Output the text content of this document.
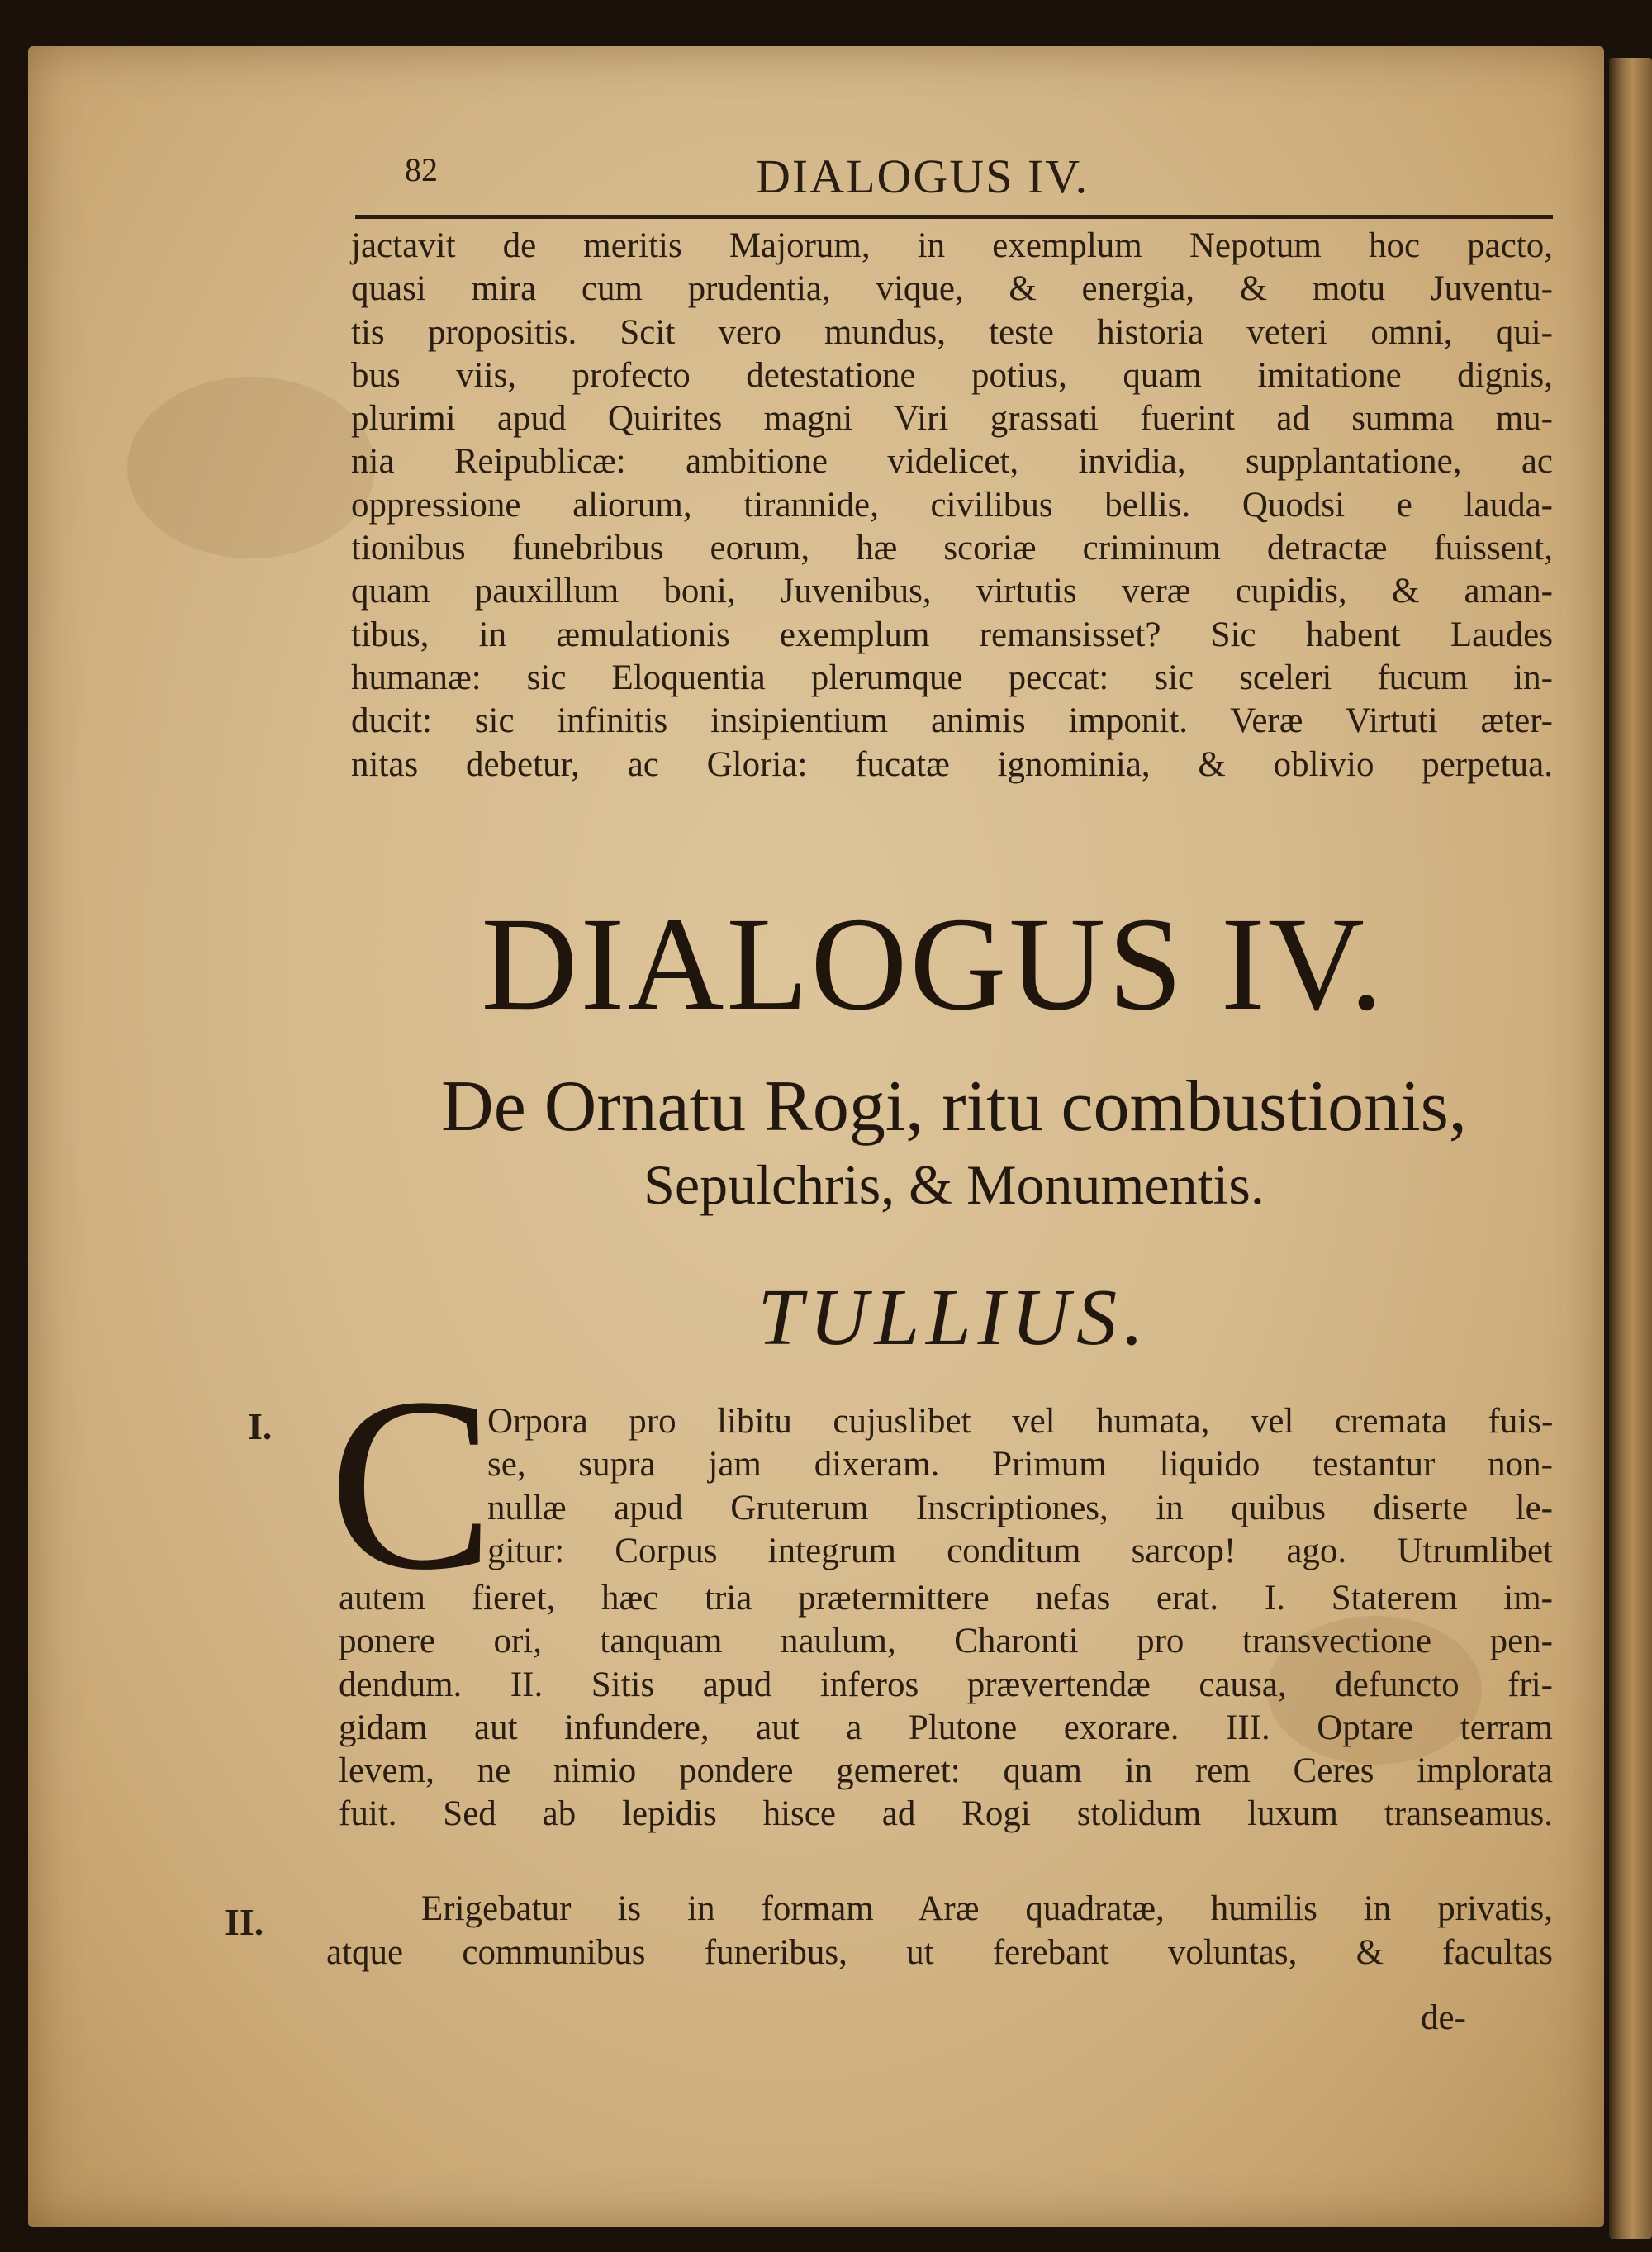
82	DIALOGUS IV.
jactavit de meritis Majorum, in exemplum Nepotum hoc pacto,
quasi mira cum prudentia, vique, & energia, & motu Juventu-
tis propositis. Scit vero mundus, teste historia veteri omni, qui-
bus viis, profecto detestatione potius, quam imitatione dignis,
plurimi apud Quirites magni Viri grassati fuerint ad summa mu-
nia Reipublicæ: ambitione videlicet, invidia, supplantatione, ac
oppressione aliorum, tirannide, civilibus bellis. Quodsi e lauda-
tionibus funebribus eorum, hæ scoriæ criminum detractæ fuissent,
quam pauxillum boni, Juvenibus, virtutis veræ cupidis, & aman-
tibus, in æmulationis exemplum remansisset? Sic habent Laudes
humanæ: sic Eloquentia plerumque peccat: sic sceleri fucum in-
ducit: sic infinitis insipientium animis imponit. Veræ Virtuti æter-
nitas debetur, ac Gloria: fucatæ ignominia, & oblivio perpetua.
DIALOGUS IV.
De Ornatu Rogi, ritu combustionis,
Sepulchris, & Monumentis.
TULLIUS.
I.
II.
C
Orpora pro libitu cujuslibet vel humata, vel cremata fuis-
se, supra jam dixeram. Primum liquido testantur non-
nullæ apud Gruterum Inscriptiones, in quibus diserte le-
gitur: Corpus integrum conditum sarcop! ago. Utrumlibet
autem fieret, hæc tria prætermittere nefas erat. I. Staterem im-
ponere ori, tanquam naulum, Charonti pro transvectione pen-
dendum. II. Sitis apud inferos prævertendæ causa, defuncto fri-
gidam aut infundere, aut a Plutone exorare. III. Optare terram
levem, ne nimio pondere gemeret: quam in rem Ceres implorata
fuit. Sed ab lepidis hisce ad Rogi stolidum luxum transeamus.
Erigebatur is in formam Aræ quadratæ, humilis in privatis,
atque communibus funeribus, ut ferebant voluntas, & facultas
de-
